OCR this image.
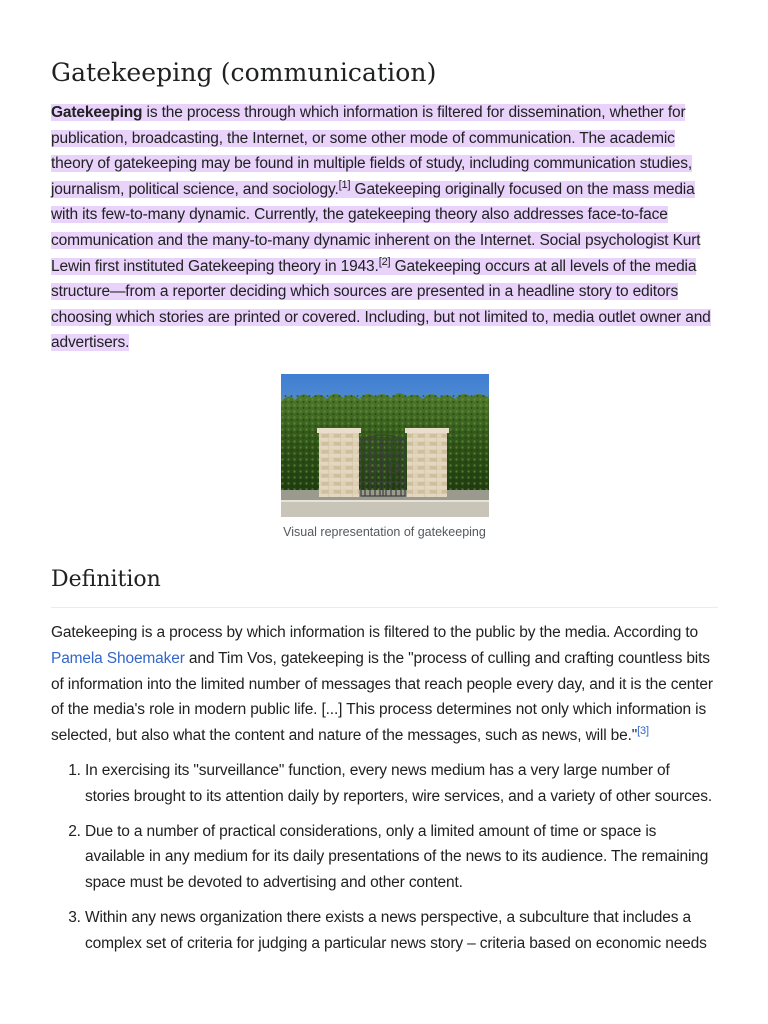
Gatekeeping (communication)

Gatekeeping is the process through which information is filtered for dissemination, whether for publication, broadcasting, the Internet, or some other mode of communication. The academic theory of gatekeeping may be found in multiple fields of study, including communication studies, journalism, political science, and sociology.[1] Gatekeeping originally focused on the mass media with its few-to-many dynamic. Currently, the gatekeeping theory also addresses face-to-face communication and the many-to-many dynamic inherent on the Internet. Social psychologist Kurt Lewin first instituted Gatekeeping theory in 1943.[2] Gatekeeping occurs at all levels of the media structure—from a reporter deciding which sources are presented in a headline story to editors choosing which stories are printed or covered. Including, but not limited to, media outlet owner and advertisers.

Visual representation of gatekeeping
Definition

Gatekeeping is a process by which information is filtered to the public by the media. According to Pamela Shoemaker and Tim Vos, gatekeeping is the "process of culling and crafting countless bits of information into the limited number of messages that reach people every day, and it is the center of the media's role in modern public life. [...] This process determines not only which information is selected, but also what the content and nature of the messages, such as news, will be."[3]

1. In exercising its "surveillance" function, every news medium has a very large number of stories brought to its attention daily by reporters, wire services, and a variety of other sources.
2. Due to a number of practical considerations, only a limited amount of time or space is available in any medium for its daily presentations of the news to its audience. The remaining space must be devoted to advertising and other content.
3. Within any news organization there exists a news perspective, a subculture that includes a complex set of criteria for judging a particular news story – criteria based on economic needs
